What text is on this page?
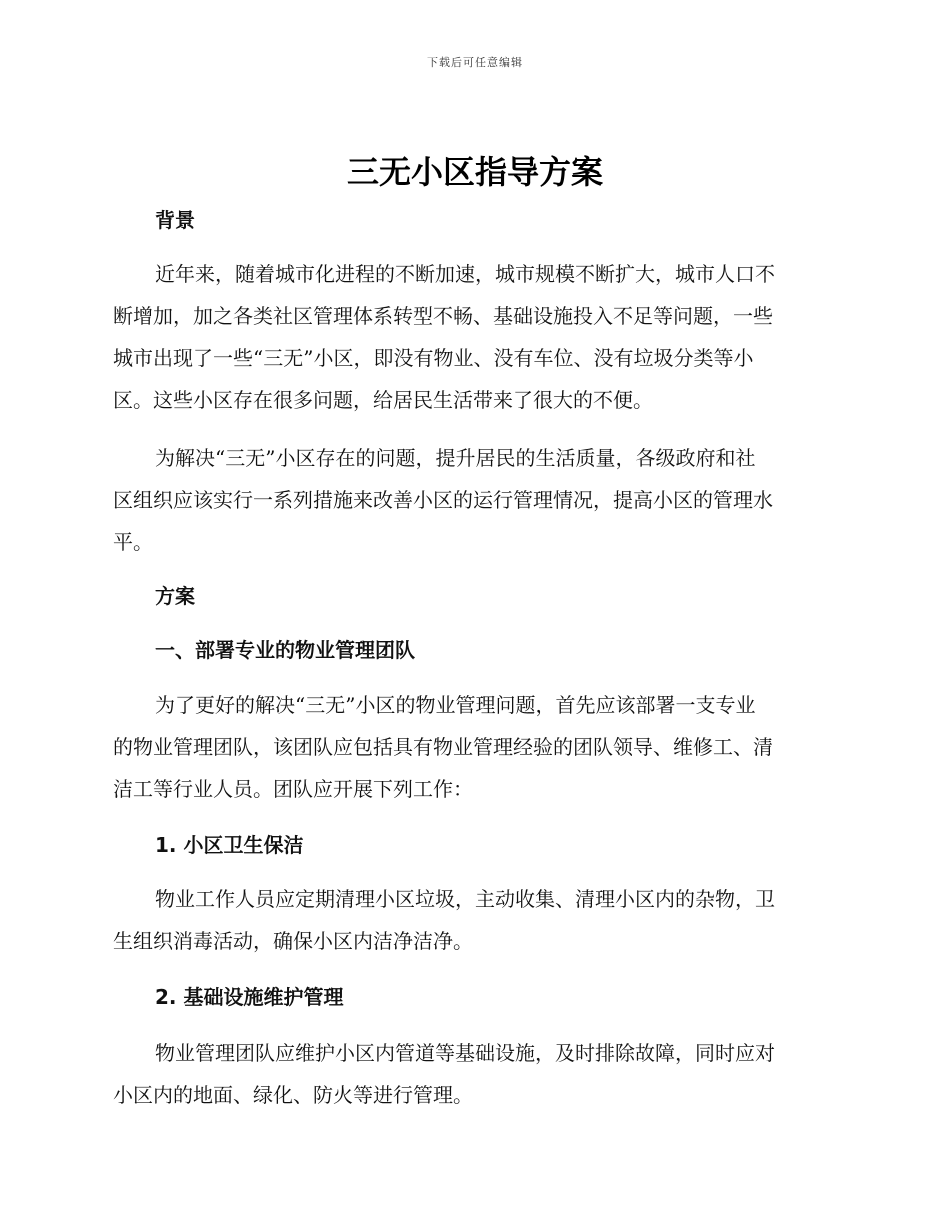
下载后可任意编辑
三无小区指导方案
背景

近年来，随着城市化进程的不断加速，城市规模不断扩大，城市人口不
断增加，加之各类社区管理体系转型不畅、基础设施投入不足等问题，一些
城市出现了一些“三无”小区，即没有物业、没有车位、没有垃圾分类等小
区。这些小区存在很多问题，给居民生活带来了很大的不便。

为解决“三无”小区存在的问题，提升居民的生活质量，各级政府和社
区组织应该实行一系列措施来改善小区的运行管理情况，提高小区的管理水
平。

方案
一、部署专业的物业管理团队

为了更好的解决“三无”小区的物业管理问题，首先应该部署一支专业
的物业管理团队，该团队应包括具有物业管理经验的团队领导、维修工、清
洁工等行业人员。团队应开展下列工作：

1. 小区卫生保洁

物业工作人员应定期清理小区垃圾，主动收集、清理小区内的杂物，卫
生组织消毒活动，确保小区内洁净洁净。

2. 基础设施维护管理

物业管理团队应维护小区内管道等基础设施，及时排除故障，同时应对
小区内的地面、绿化、防火等进行管理。
